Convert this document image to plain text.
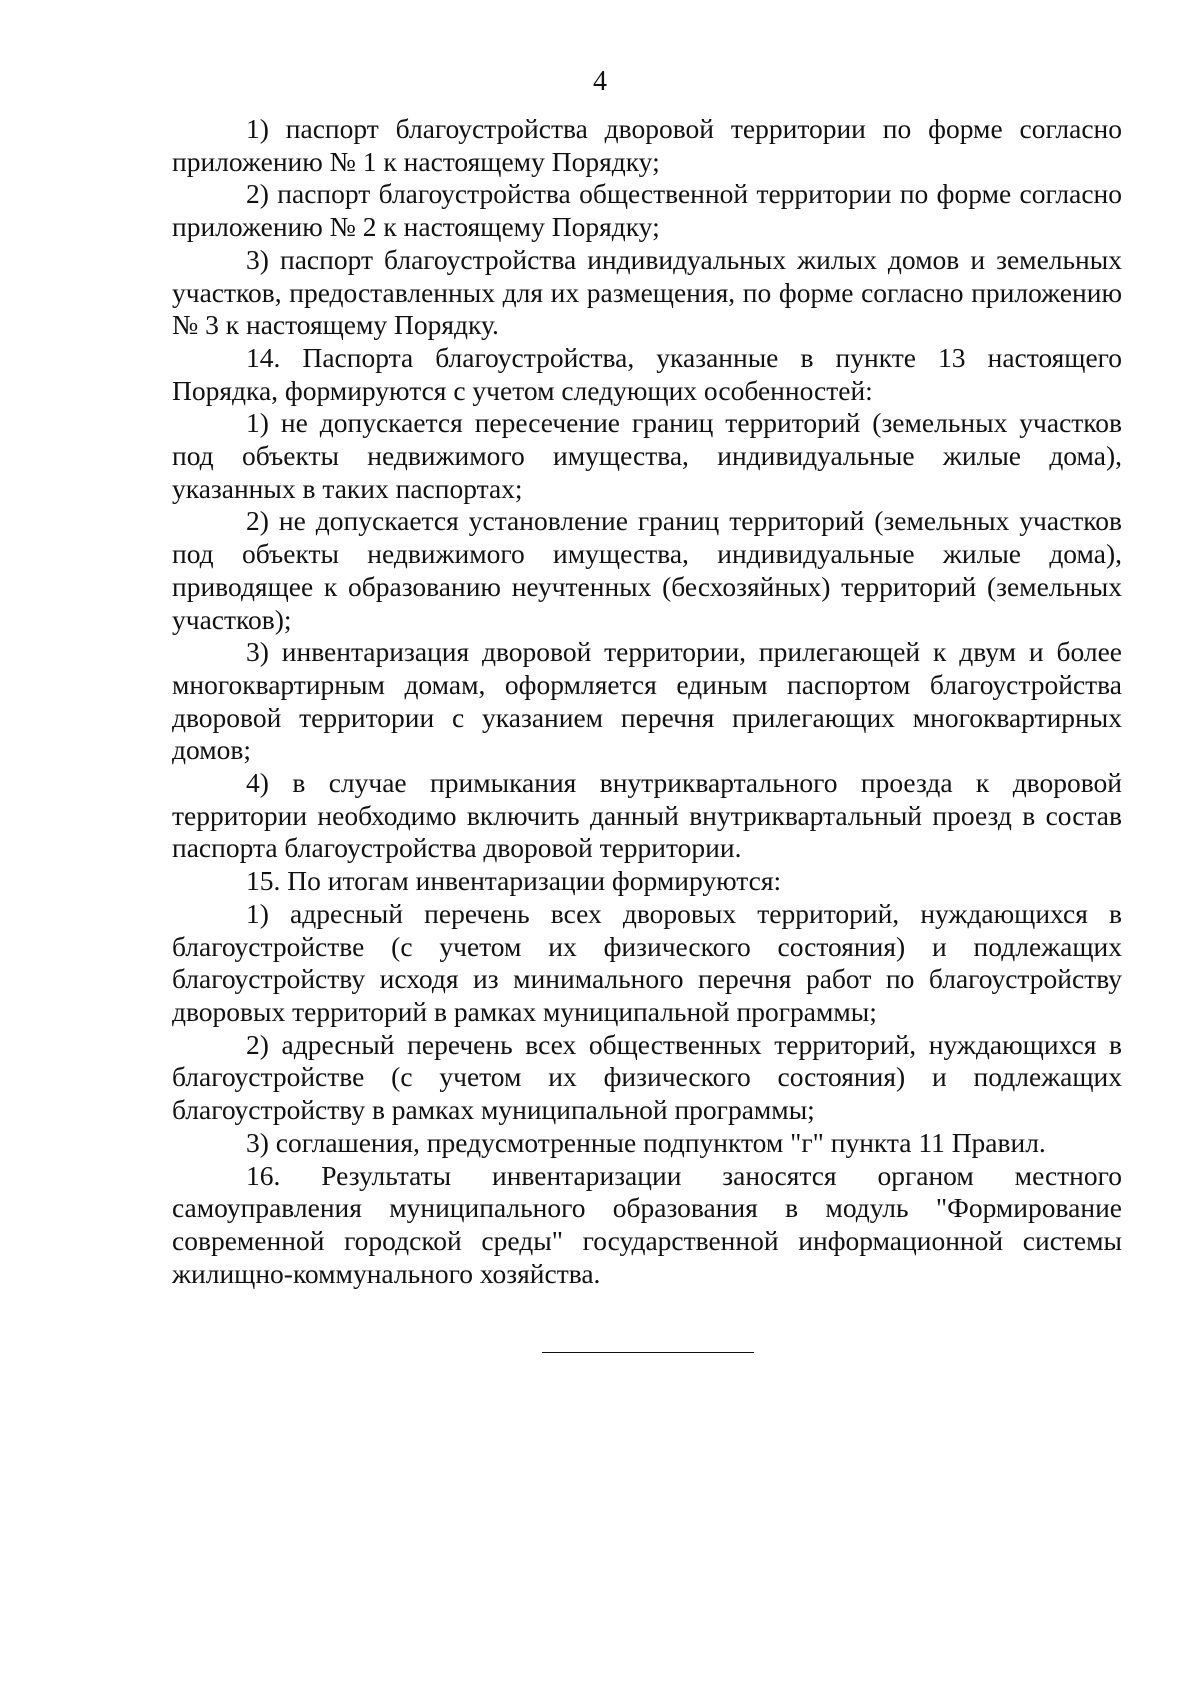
4

1) паспорт благоустройства дворовой территории по форме согласно приложению № 1 к настоящему Порядку;

2) паспорт благоустройства общественной территории по форме согласно приложению № 2 к настоящему Порядку;

3) паспорт благоустройства индивидуальных жилых домов и земельных участков, предоставленных для их размещения, по форме согласно приложению № 3 к настоящему Порядку.

14. Паспорта благоустройства, указанные в пункте 13 настоящего Порядка, формируются с учетом следующих особенностей:

1) не допускается пересечение границ территорий (земельных участков под объекты недвижимого имущества, индивидуальные жилые дома), указанных в таких паспортах;

2) не допускается установление границ территорий (земельных участков под объекты недвижимого имущества, индивидуальные жилые дома), приводящее к образованию неучтенных (бесхозяйных) территорий (земельных участков);

3) инвентаризация дворовой территории, прилегающей к двум и более многоквартирным домам, оформляется единым паспортом благоустройства дворовой территории с указанием перечня прилегающих многоквартирных домов;

4) в случае примыкания внутриквартального проезда к дворовой территории необходимо включить данный внутриквартальный проезд в состав паспорта благоустройства дворовой территории.

15. По итогам инвентаризации формируются:

1) адресный перечень всех дворовых территорий, нуждающихся в благоустройстве (с учетом их физического состояния) и подлежащих благоустройству исходя из минимального перечня работ по благоустройству дворовых территорий в рамках муниципальной программы;

2) адресный перечень всех общественных территорий, нуждающихся в благоустройстве (с учетом их физического состояния) и подлежащих благоустройству в рамках муниципальной программы;

3) соглашения, предусмотренные подпунктом "г" пункта 11 Правил.

16. Результаты инвентаризации заносятся органом местного самоуправления муниципального образования в модуль "Формирование современной городской среды" государственной информационной системы жилищно-коммунального хозяйства.
